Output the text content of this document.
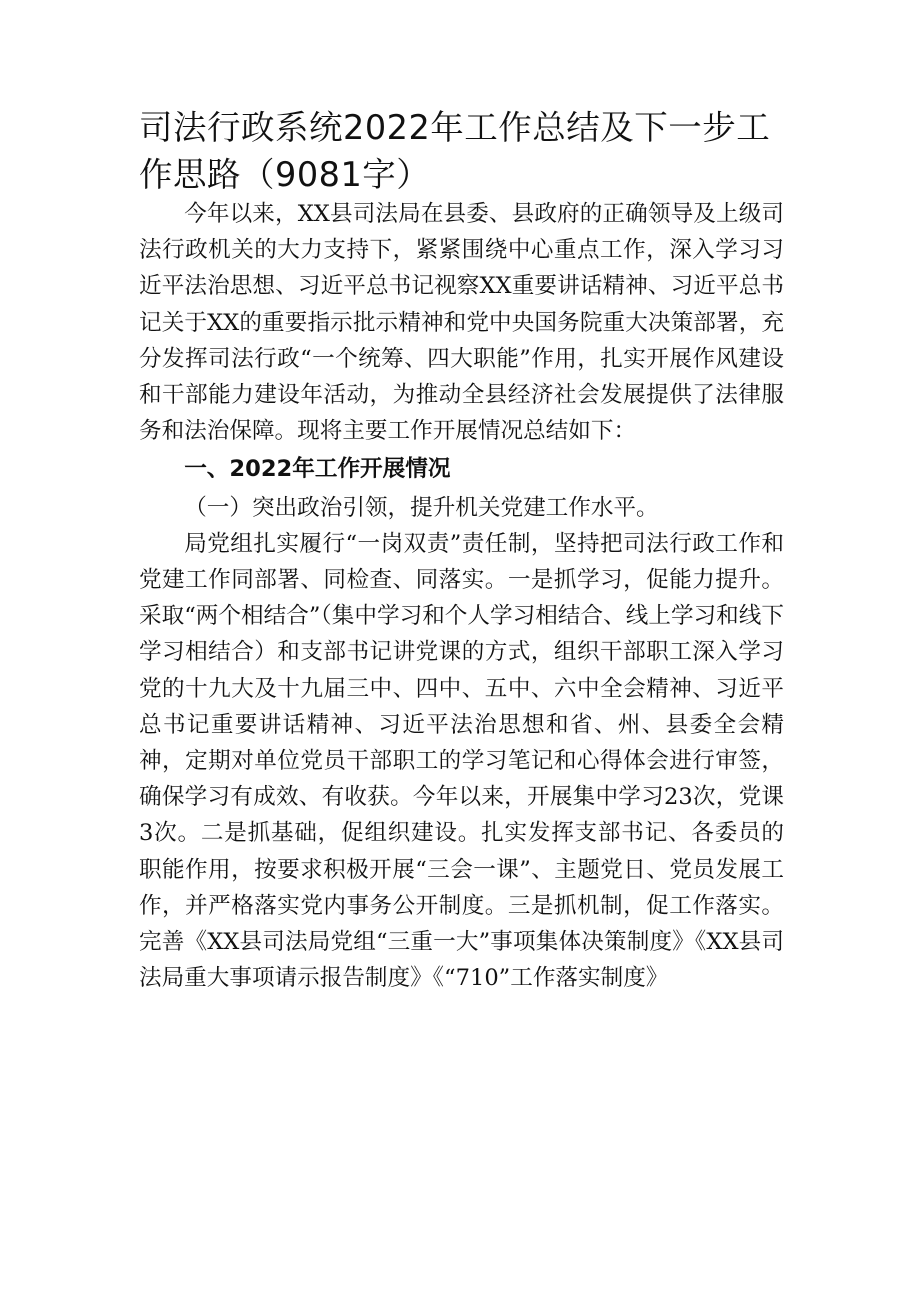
司法行政系统2022年工作总结及下一步工作思路（9081字）

今年以来，XX县司法局在县委、县政府的正确领导及上级司法行政机关的大力支持下，紧紧围绕中心重点工作，深入学习习近平法治思想、习近平总书记视察XX重要讲话精神、习近平总书记关于XX的重要指示批示精神和党中央国务院重大决策部署，充分发挥司法行政“一个统筹、四大职能”作用，扎实开展作风建设和干部能力建设年活动，为推动全县经济社会发展提供了法律服务和法治保障。现将主要工作开展情况总结如下：

一、2022年工作开展情况

（一）突出政治引领，提升机关党建工作水平。

局党组扎实履行“一岗双责”责任制，坚持把司法行政工作和党建工作同部署、同检查、同落实。一是抓学习，促能力提升。采取“两个相结合”（集中学习和个人学习相结合、线上学习和线下学习相结合）和支部书记讲党课的方式，组织干部职工深入学习党的十九大及十九届三中、四中、五中、六中全会精神、习近平总书记重要讲话精神、习近平法治思想和省、州、县委全会精神，定期对单位党员干部职工的学习笔记和心得体会进行审签，确保学习有成效、有收获。今年以来，开展集中学习23次，党课3次。二是抓基础，促组织建设。扎实发挥支部书记、各委员的职能作用，按要求积极开展“三会一课”、主题党日、党员发展工作，并严格落实党内事务公开制度。三是抓机制，促工作落实。完善《XX县司法局党组“三重一大”事项集体决策制度》《XX县司法局重大事项请示报告制度》《“710”工作落实制度》
